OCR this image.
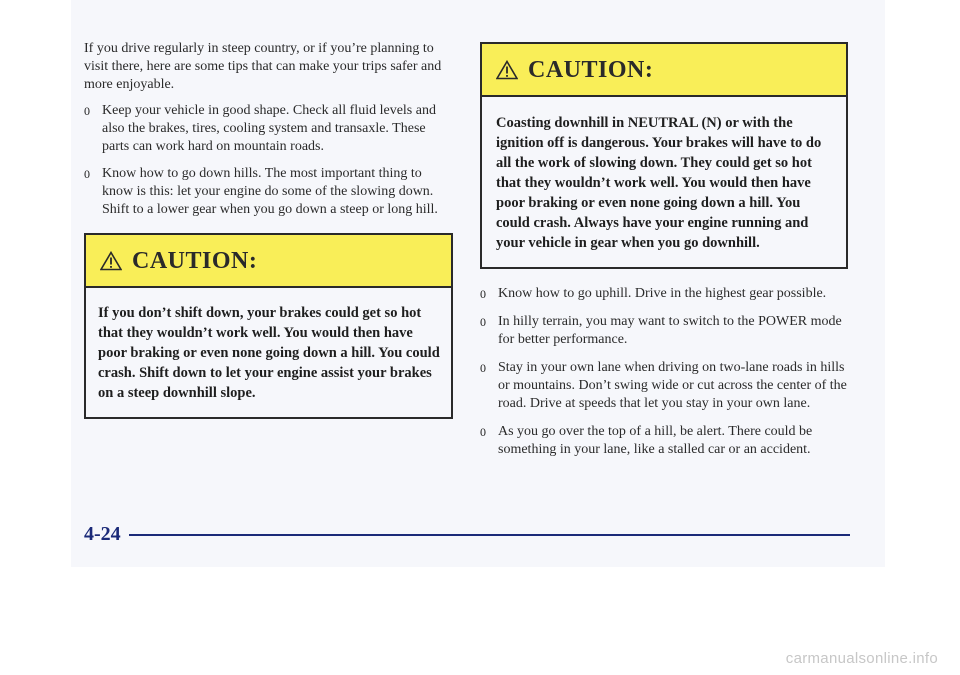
If you drive regularly in steep country, or if you’re planning to visit there, here are some tips that can make your trips safer and more enjoyable.

0 Keep your vehicle in good shape. Check all fluid levels and also the brakes, tires, cooling system and transaxle. These parts can work hard on mountain roads.
0 Know how to go down hills. The most important thing to know is this: let your engine do some of the slowing down. Shift to a lower gear when you go down a steep or long hill.
CAUTION:
If you don’t shift down, your brakes could get so hot that they wouldn’t work well. You would then have poor braking or even none going down a hill. You could crash. Shift down to let your engine assist your brakes on a steep downhill slope.
CAUTION:
Coasting downhill in NEUTRAL (N) or with the ignition off is dangerous. Your brakes will have to do all the work of slowing down. They could get so hot that they wouldn’t work well. You would then have poor braking or even none going down a hill. You could crash. Always have your engine running and your vehicle in gear when you go downhill.
0 Know how to go uphill. Drive in the highest gear possible.
0 In hilly terrain, you may want to switch to the POWER mode for better performance.
0 Stay in your own lane when driving on two-lane roads in hills or mountains. Don’t swing wide or cut across the center of the road. Drive at speeds that let you stay in your own lane.
0 As you go over the top of a hill, be alert. There could be something in your lane, like a stalled car or an accident.
4-24
carmanualsonline.info
